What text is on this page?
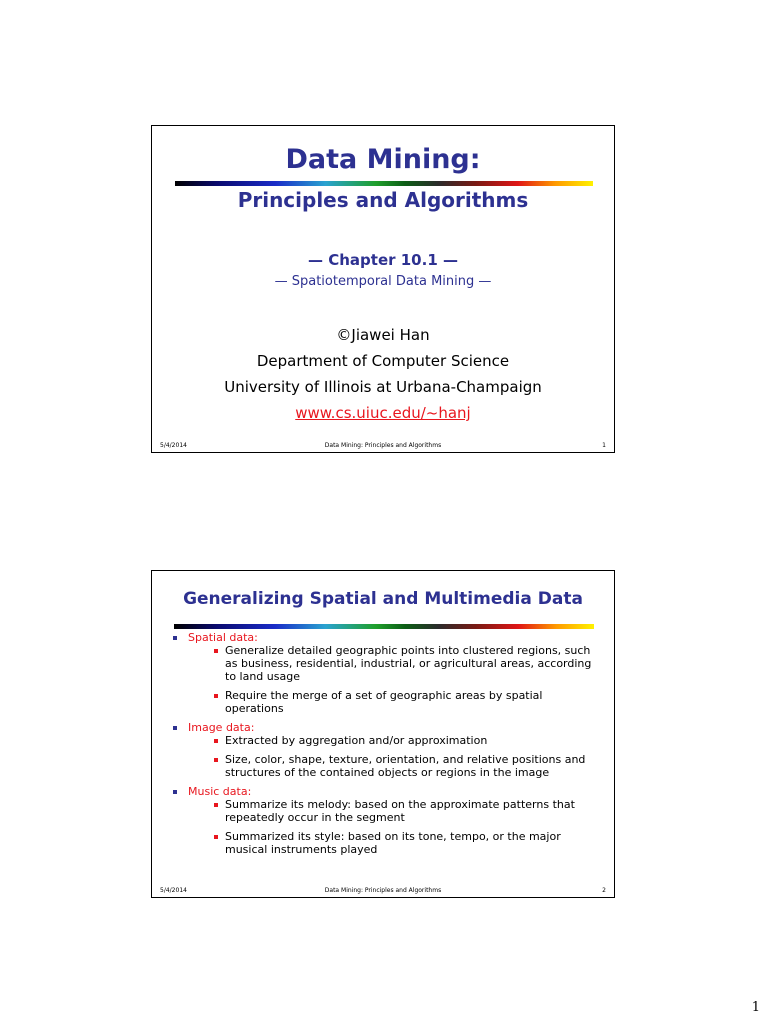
Data Mining:
Principles and Algorithms
— Chapter 10.1 —
— Spatiotemporal Data Mining —
©Jiawei Han
Department of Computer Science
University of Illinois at Urbana-Champaign
www.cs.uiuc.edu/~hanj
5/4/2014	Data Mining: Principles and Algorithms	1
Generalizing Spatial and Multimedia Data
Spatial data:
Generalize detailed geographic points into clustered regions, such as business, residential, industrial, or agricultural areas, according to land usage
Require the merge of a set of geographic areas by spatial operations
Image data:
Extracted by aggregation and/or approximation
Size, color, shape, texture, orientation, and relative positions and structures of the contained objects or regions in the image
Music data:
Summarize its melody: based on the approximate patterns that repeatedly occur in the segment
Summarized its style: based on its tone, tempo, or the major musical instruments played
5/4/2014	Data Mining: Principles and Algorithms	2
1
